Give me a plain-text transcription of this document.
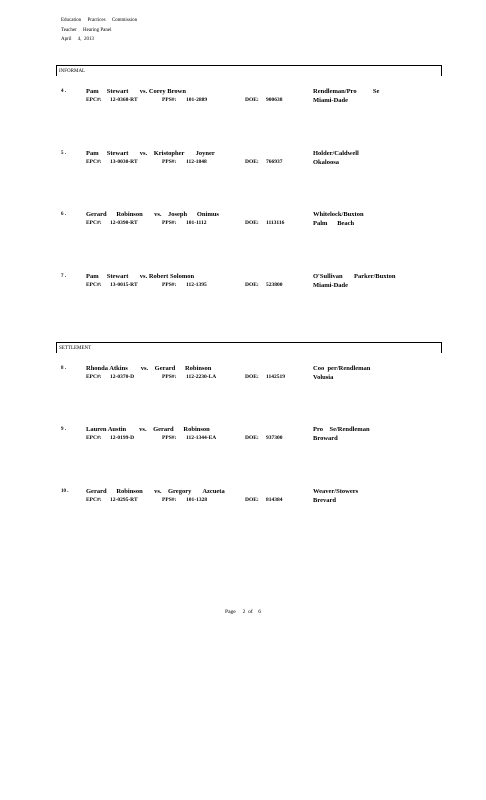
Education     Practices     Commission
Teacher     Hearing Panel
April     4,  2013
INFORMAL
4 .	Pam     Stewart       vs. Corey Brown
EPC#: 12-0368-RT	PPS#: 101-2889	DOE: 900638
Rendleman/Pro          Se
Miami-Dade
5 .	Pam     Stewart       vs.    Kristopher       Joyner
EPC#: 13-0030-RT	PPS#: 112-1848	DOE: 766937
Holder/Caldwell
Okaloosa
6 .	Gerard      Robinson       vs.    Joseph      Onimus
EPC#: 12-0390-RT	PPS#: 101-1112	DOE: 1113116
Whitelock/Buxton
Palm      Beach
7 .	Pam     Stewart       vs. Robert Solomon
EPC#: 13-0015-RT	PPS#: 112-1395	DOE: 523800
O'Sullivan       Parker/Buxton
Miami-Dade
SETTLEMENT
8 .	Rhonda Atkins        vs.    Gerard      Robinson
EPC#: 12-0370-D	PPS#: 112-2230-LA	DOE: 1142519
Coo  per/Rendleman
Volusia
9 .	Lauren Austin        vs.    Gerard      Robinson
EPC#: 12-0199-D	PPS#: 112-1344-EA	DOE: 937300
Pro    Se/Rendleman
Broward
10 .	Gerard      Robinson       vs.    Gregory       Azcueta
EPC#: 12-0295-RT	PPS#: 101-1328	DOE: 814384
Weaver/Stowers
Brevard
Page     2  of    6
